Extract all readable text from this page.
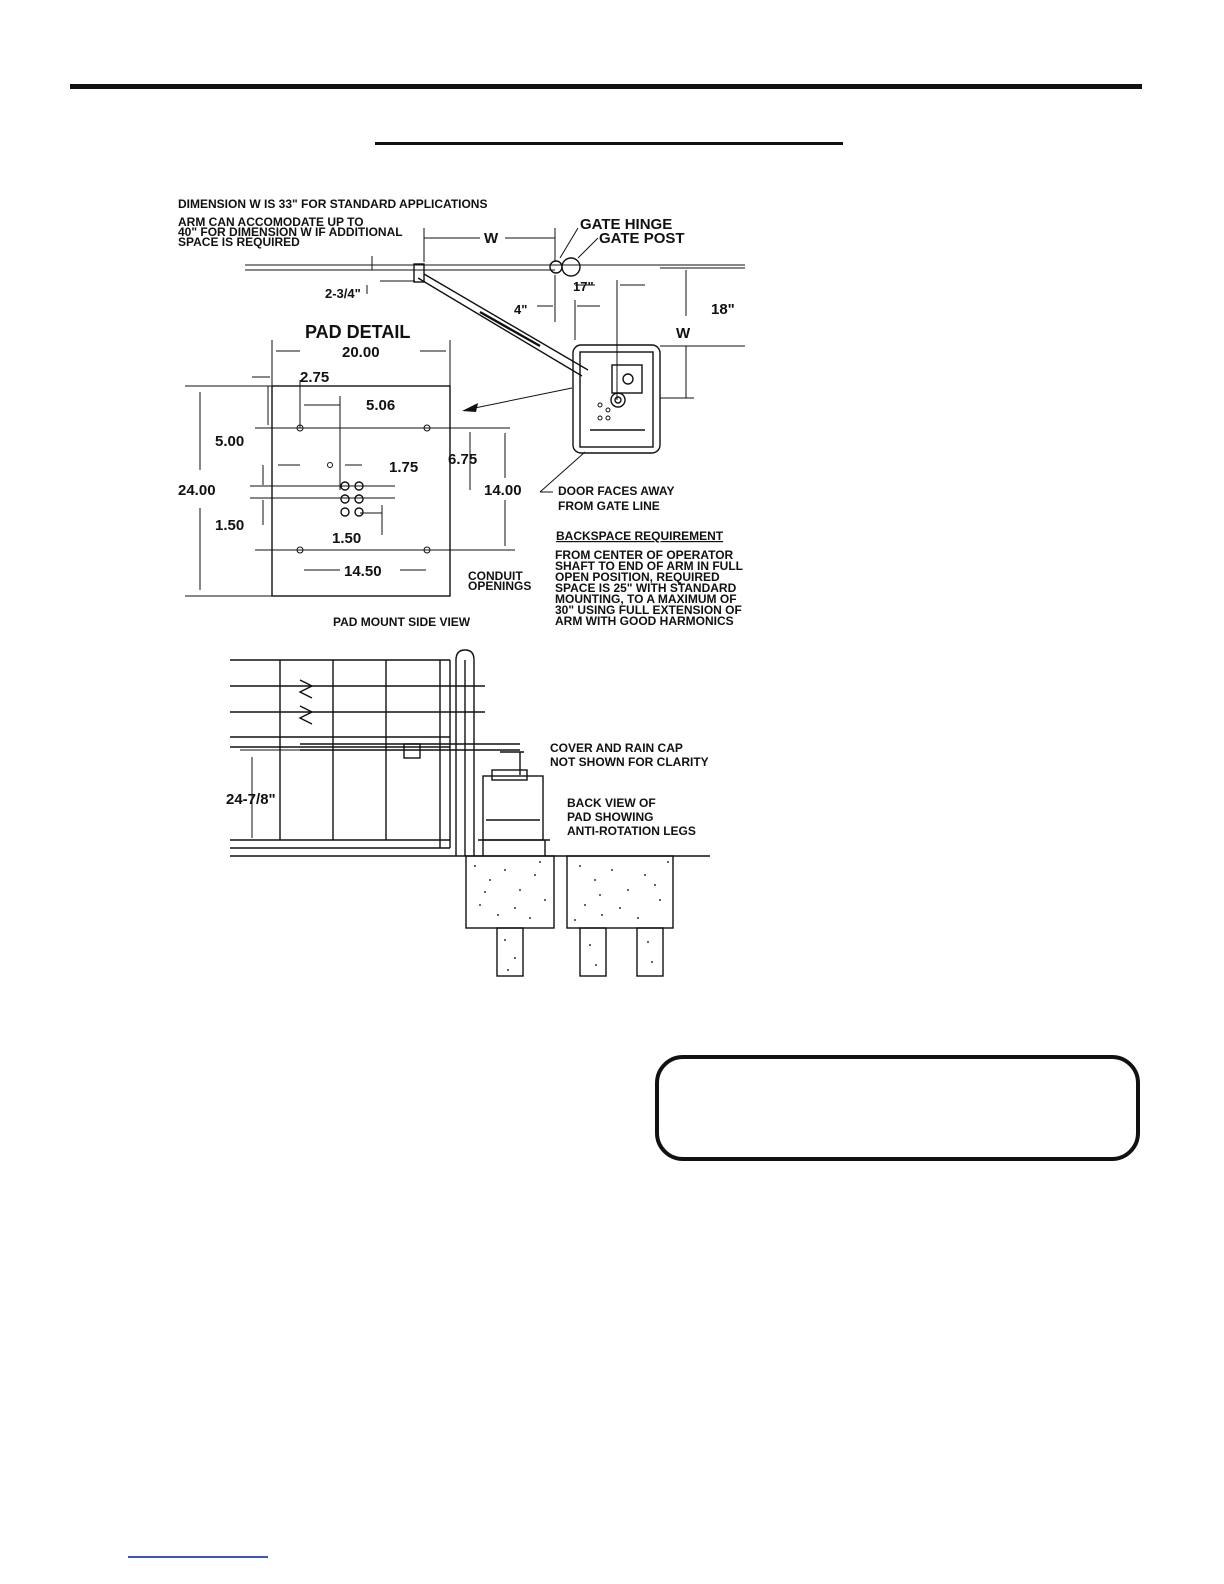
DIMENSION W IS 33" FOR STANDARD APPLICATIONS
ARM CAN ACCOMODATE UP TO
40" FOR DIMENSION W IF ADDITIONAL
SPACE IS REQUIRED	W
GATE HINGE
GATE POST
2-3/4"
4"
17"
18"
W
PAD DETAIL
20.00
2.75
5.06
5.00
1.75 6.75
24.00	14.00
1.50
1.50
14.50	CONDUIT
OPENINGS
DOOR FACES AWAY
FROM GATE LINE
BACKSPACE REQUIREMENT
FROM CENTER OF OPERATOR
SHAFT TO END OF ARM IN FULL
OPEN POSITION, REQUIRED
SPACE IS 25" WITH STANDARD
MOUNTING, TO A MAXIMUM OF
30" USING FULL EXTENSION OF
ARM WITH GOOD HARMONICS
PAD MOUNT SIDE VIEW
COVER AND RAIN CAP
NOT SHOWN FOR CLARITY
BACK VIEW OF
PAD SHOWING
ANTI-ROTATION LEGS
24-7/8"
